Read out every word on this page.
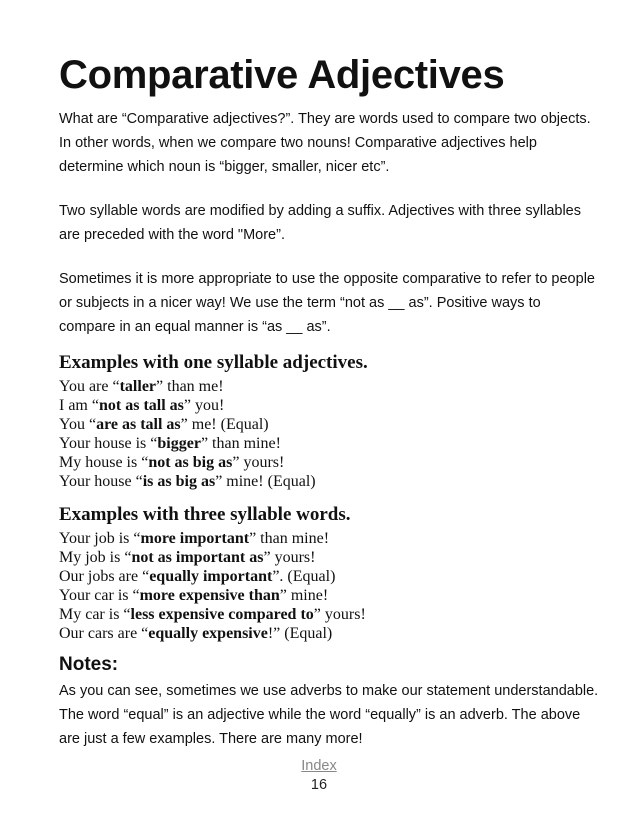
Comparative Adjectives

What are “Comparative adjectives?”. They are words used to compare two objects. In other words, when we compare two nouns! Comparative adjectives help determine which noun is “bigger, smaller, nicer etc”.

Two syllable words are modified by adding a suffix. Adjectives with three syllables are preceded with the word "More”.

Sometimes it is more appropriate to use the opposite comparative to refer to people or subjects in a nicer way! We use the term “not as __ as”. Positive ways to compare in an equal manner is “as __ as”.

Examples with one syllable adjectives.

You are “taller” than me!

I am “not as tall as” you!

You “are as tall as” me! (Equal)

Your house is “bigger” than mine!

My house is “not as big as” yours!

Your house “is as big as” mine! (Equal)

Examples with three syllable words.

Your job is “more important” than mine!

My job is “not as important as” yours!

Our jobs are “equally important”. (Equal)

Your car is “more expensive than” mine!

My car is “less expensive compared to” yours!

Our cars are “equally expensive!” (Equal)

Notes:

As you can see, sometimes we use adverbs to make our statement understandable. The word “equal” is an adjective while the word “equally” is an adverb. The above are just a few examples. There are many more!

Index
16
